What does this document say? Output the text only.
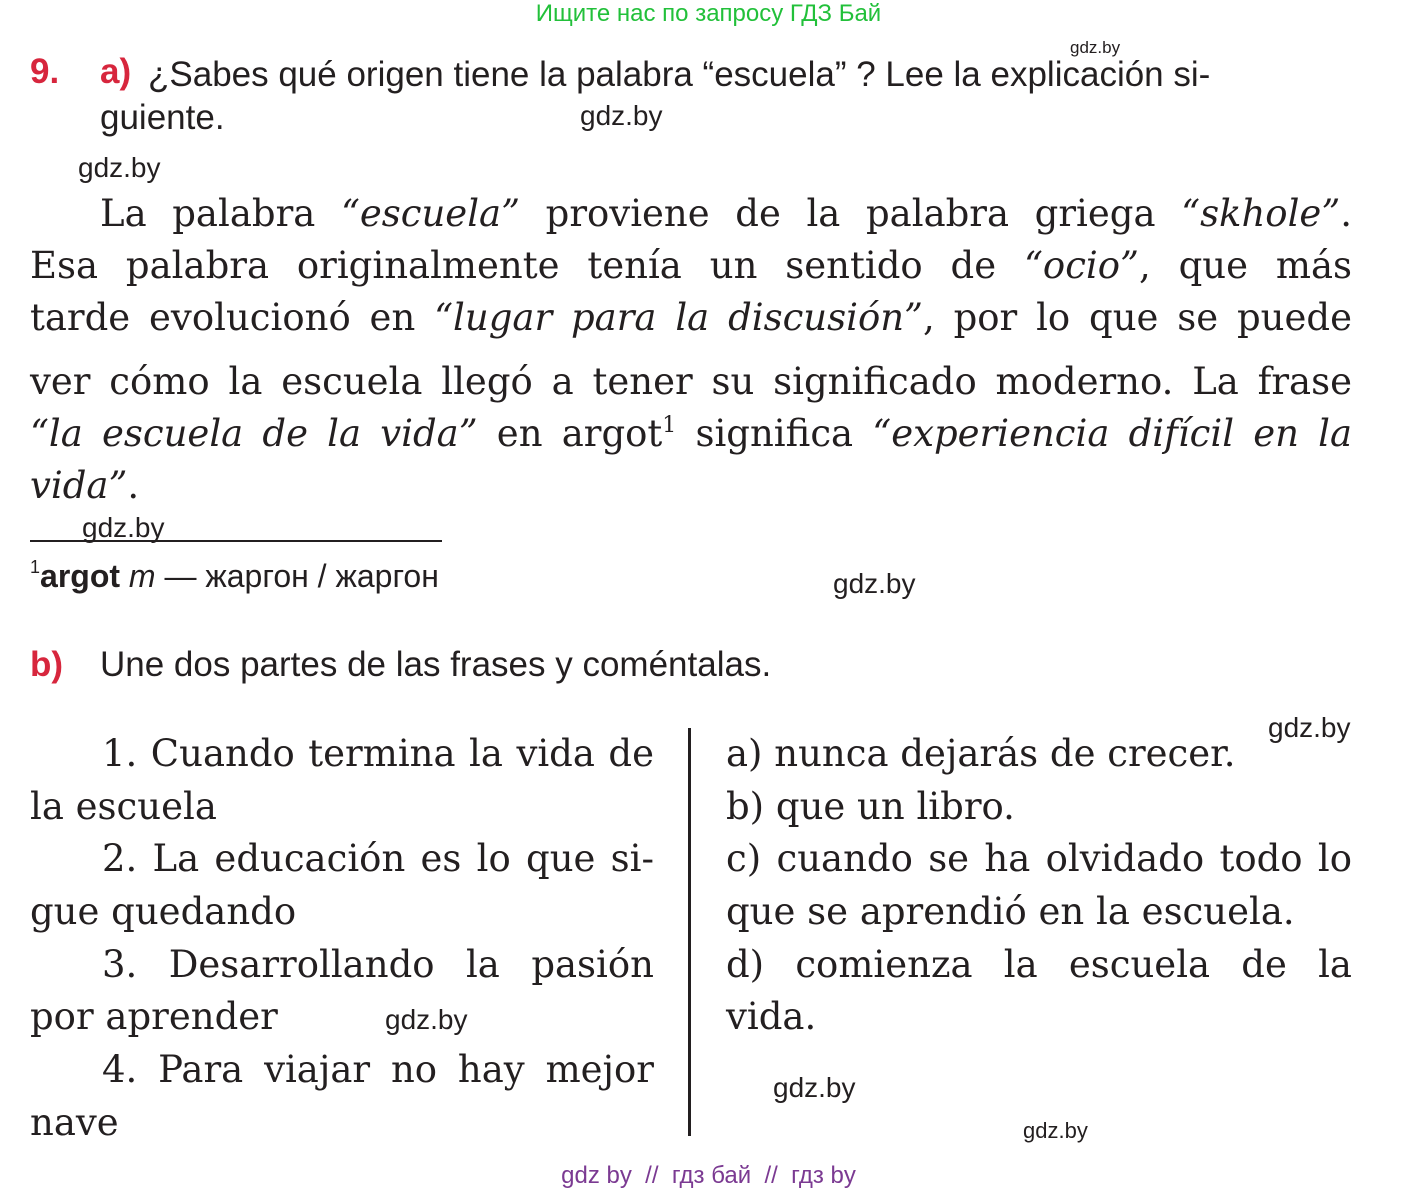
Ищите нас по запросу ГДЗ Бай
gdz.by
gdz.by
gdz.by
gdz.by
gdz.by
gdz.by
gdz.by
gdz.by
gdz.by
9. a) ¿Sabes qué origen tiene la palabra “escuela” ? Lee la explicación si-
guiente.
La palabra “escuela” proviene de la palabra griega “skhole”.
Esa palabra originalmente tenía un sentido de “ocio”, que más
tarde evolucionó en “lugar para la discusión”, por lo que se puede
ver cómo la escuela llegó a tener su significado moderno. La frase
“la escuela de la vida” en argot$^1$ significa “experiencia difícil en la
vida”.
$^1$argot m — жаргон / жаргон
b) Une dos partes de las frases y coméntalas.
1. Cuando termina la vida de
la escuela
2. La educación es lo que si-
gue quedando
3. Desarrollando la pasión
por aprender
4. Para viajar no hay mejor
nave
a) nunca dejarás de crecer.
b) que un libro.
c) cuando se ha olvidado todo lo
que se aprendió en la escuela.
d) comienza la escuela de la
vida.
gdz by  //  гдз бай  //  гдз by
